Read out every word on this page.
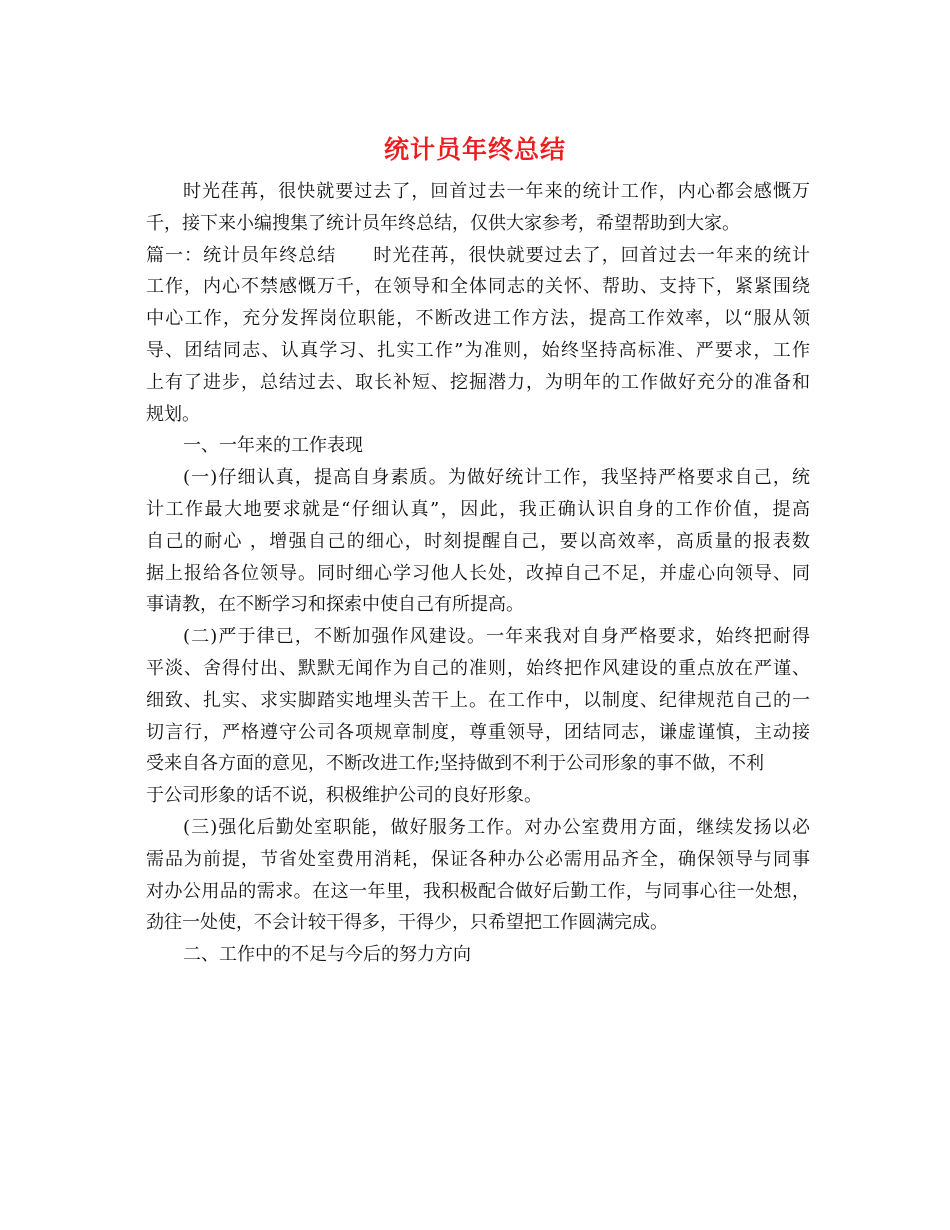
统计员年终总结
时光荏苒，很快就要过去了，回首过去一年来的统计工作，内心都会感慨万
千，接下来小编搜集了统计员年终总结，仅供大家参考，希望帮助到大家。
篇一：统计员年终总结 时光荏苒，很快就要过去了，回首过去一年来的统计
工作，内心不禁感慨万千，在领导和全体同志的关怀、帮助、支持下，紧紧围绕
中心工作，充分发挥岗位职能，不断改进工作方法，提高工作效率，以“服从领
导、团结同志、认真学习、扎实工作”为准则，始终坚持高标准、严要求，工作
上有了进步，总结过去、取长补短、挖掘潜力，为明年的工作做好充分的准备和
规划。
一、一年来的工作表现
(一)仔细认真，提高自身素质。为做好统计工作，我坚持严格要求自己，统
计工作最大地要求就是“仔细认真”，因此，我正确认识自身的工作价值，提高
自己的耐心 ，增强自己的细心，时刻提醒自己，要以高效率，高质量的报表数
据上报给各位领导。同时细心学习他人长处，改掉自己不足，并虚心向领导、同
事请教，在不断学习和探索中使自己有所提高。
(二)严于律已，不断加强作风建设。一年来我对自身严格要求，始终把耐得
平淡、舍得付出、默默无闻作为自己的准则，始终把作风建设的重点放在严谨、
细致、扎实、求实脚踏实地埋头苦干上。在工作中，以制度、纪律规范自己的一
切言行，严格遵守公司各项规章制度，尊重领导，团结同志，谦虚谨慎，主动接
受来自各方面的意见，不断改进工作;坚持做到不利于公司形象的事不做，不利
于公司形象的话不说，积极维护公司的良好形象。
(三)强化后勤处室职能，做好服务工作。对办公室费用方面，继续发扬以必
需品为前提，节省处室费用消耗，保证各种办公必需用品齐全，确保领导与同事
对办公用品的需求。在这一年里，我积极配合做好后勤工作，与同事心往一处想，
劲往一处使，不会计较干得多，干得少，只希望把工作圆满完成。
二、工作中的不足与今后的努力方向
